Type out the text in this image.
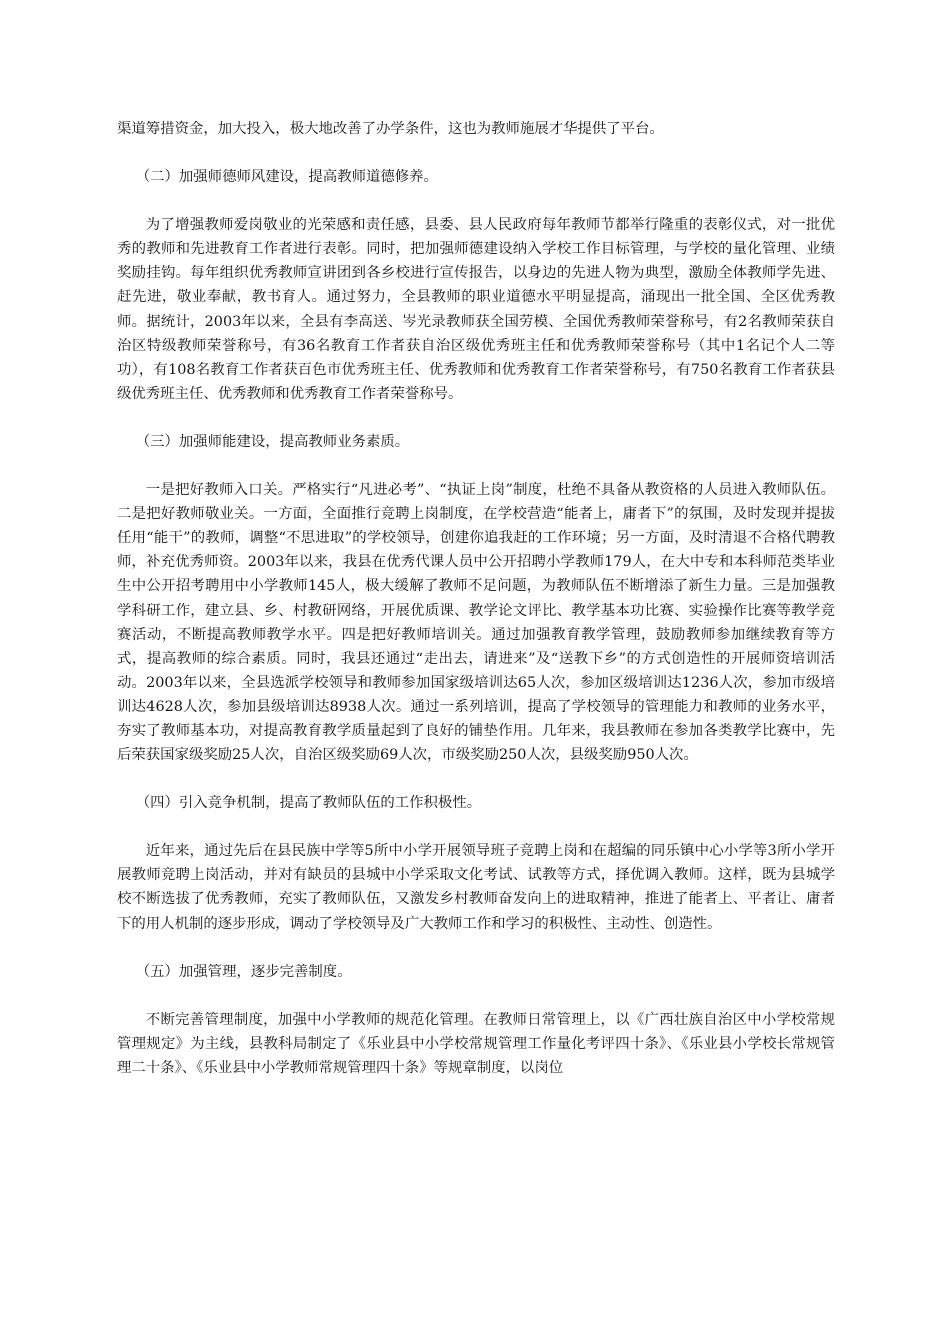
渠道筹措资金，加大投入，极大地改善了办学条件，这也为教师施展才华提供了平台。

（二）加强师德师风建设，提高教师道德修养。

为了增强教师爱岗敬业的光荣感和责任感，县委、县人民政府每年教师节都举行隆重的表彰仪式，对一批优秀的教师和先进教育工作者进行表彰。同时，把加强师德建设纳入学校工作目标管理，与学校的量化管理、业绩奖励挂钩。每年组织优秀教师宣讲团到各乡校进行宣传报告，以身边的先进人物为典型，激励全体教师学先进、赶先进，敬业奉献，教书育人。通过努力，全县教师的职业道德水平明显提高，涌现出一批全国、全区优秀教师。据统计，2003年以来，全县有李高送、岑光录教师获全国劳模、全国优秀教师荣誉称号，有2名教师荣获自治区特级教师荣誉称号，有36名教育工作者获自治区级优秀班主任和优秀教师荣誉称号（其中1名记个人二等功），有108名教育工作者获百色市优秀班主任、优秀教师和优秀教育工作者荣誉称号，有750名教育工作者获县级优秀班主任、优秀教师和优秀教育工作者荣誉称号。

（三）加强师能建设，提高教师业务素质。

一是把好教师入口关。严格实行“凡进必考”、“执证上岗”制度，杜绝不具备从教资格的人员进入教师队伍。二是把好教师敬业关。一方面，全面推行竞聘上岗制度，在学校营造“能者上，庸者下”的氛围，及时发现并提拔任用“能干”的教师，调整“不思进取”的学校领导，创建你追我赶的工作环境；另一方面，及时清退不合格代聘教师，补充优秀师资。2003年以来，我县在优秀代课人员中公开招聘小学教师179人，在大中专和本科师范类毕业生中公开招考聘用中小学教师145人，极大缓解了教师不足问题，为教师队伍不断增添了新生力量。三是加强教学科研工作，建立县、乡、村教研网络，开展优质课、教学论文评比、教学基本功比赛、实验操作比赛等教学竞赛活动，不断提高教师教学水平。四是把好教师培训关。通过加强教育教学管理，鼓励教师参加继续教育等方式，提高教师的综合素质。同时，我县还通过“走出去，请进来”及“送教下乡”的方式创造性的开展师资培训活动。2003年以来，全县选派学校领导和教师参加国家级培训达65人次，参加区级培训达1236人次，参加市级培训达4628人次，参加县级培训达8938人次。通过一系列培训，提高了学校领导的管理能力和教师的业务水平，夯实了教师基本功，对提高教育教学质量起到了良好的铺垫作用。几年来，我县教师在参加各类教学比赛中，先后荣获国家级奖励25人次，自治区级奖励69人次，市级奖励250人次，县级奖励950人次。

（四）引入竞争机制，提高了教师队伍的工作积极性。

近年来，通过先后在县民族中学等5所中小学开展领导班子竞聘上岗和在超编的同乐镇中心小学等3所小学开展教师竞聘上岗活动，并对有缺员的县城中小学采取文化考试、试教等方式，择优调入教师。这样，既为县城学校不断选拔了优秀教师，充实了教师队伍，又激发乡村教师奋发向上的进取精神，推进了能者上、平者让、庸者下的用人机制的逐步形成，调动了学校领导及广大教师工作和学习的积极性、主动性、创造性。

（五）加强管理，逐步完善制度。

不断完善管理制度，加强中小学教师的规范化管理。在教师日常管理上，以《广西壮族自治区中小学校常规管理规定》为主线，县教科局制定了《乐业县中小学校常规管理工作量化考评四十条》、《乐业县小学校长常规管理二十条》、《乐业县中小学教师常规管理四十条》等规章制度，以岗位
